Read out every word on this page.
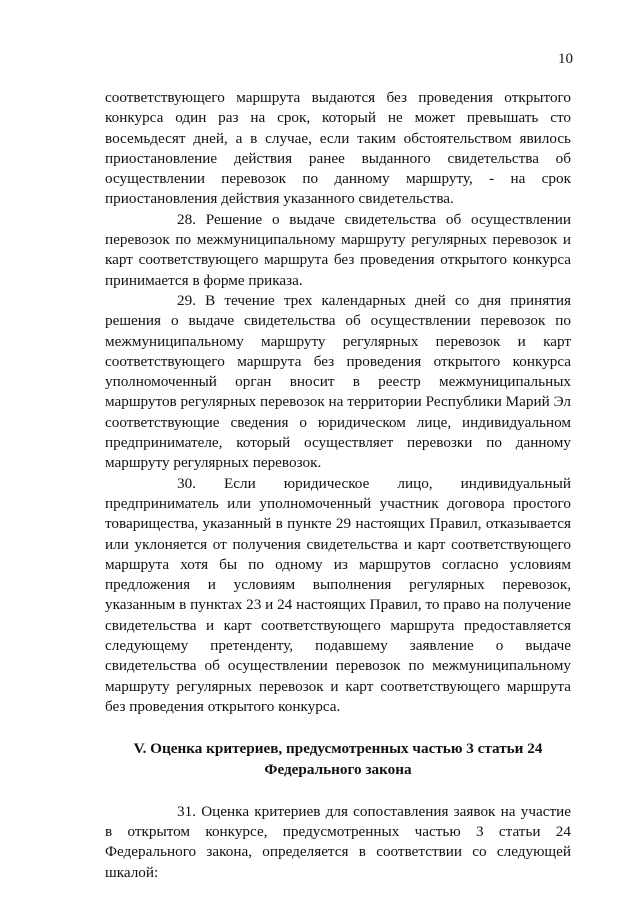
10

соответствующего маршрута выдаются без проведения открытого конкурса один раз на срок, который не может превышать сто восемьдесят дней, а в случае, если таким обстоятельством явилось приостановление действия ранее выданного свидетельства об осуществлении перевозок по данному маршруту, - на срок приостановления действия указанного свидетельства.

28. Решение о выдаче свидетельства об осуществлении перевозок по межмуниципальному маршруту регулярных перевозок и карт соответствующего маршрута без проведения открытого конкурса принимается в форме приказа.

29. В течение трех календарных дней со дня принятия решения о выдаче свидетельства об осуществлении перевозок по межмуниципальному маршруту регулярных перевозок и карт соответствующего маршрута без проведения открытого конкурса уполномоченный орган вносит в реестр межмуниципальных маршрутов регулярных перевозок на территории Республики Марий Эл соответствующие сведения о юридическом лице, индивидуальном предпринимателе, который осуществляет перевозки по данному маршруту регулярных перевозок.

30. Если юридическое лицо, индивидуальный предприниматель или уполномоченный участник договора простого товарищества, указанный в пункте 29 настоящих Правил, отказывается или уклоняется от получения свидетельства и карт соответствующего маршрута хотя бы по одному из маршрутов согласно условиям предложения и условиям выполнения регулярных перевозок, указанным в пунктах 23 и 24 настоящих Правил, то право на получение свидетельства и карт соответствующего маршрута предоставляется следующему претенденту, подавшему заявление о выдаче свидетельства об осуществлении перевозок по межмуниципальному маршруту регулярных перевозок и карт соответствующего маршрута без проведения открытого конкурса.

V. Оценка критериев, предусмотренных частью 3 статьи 24
Федерального закона

31. Оценка критериев для сопоставления заявок на участие в открытом конкурсе, предусмотренных частью 3 статьи 24 Федерального закона, определяется в соответствии со следующей шкалой:
